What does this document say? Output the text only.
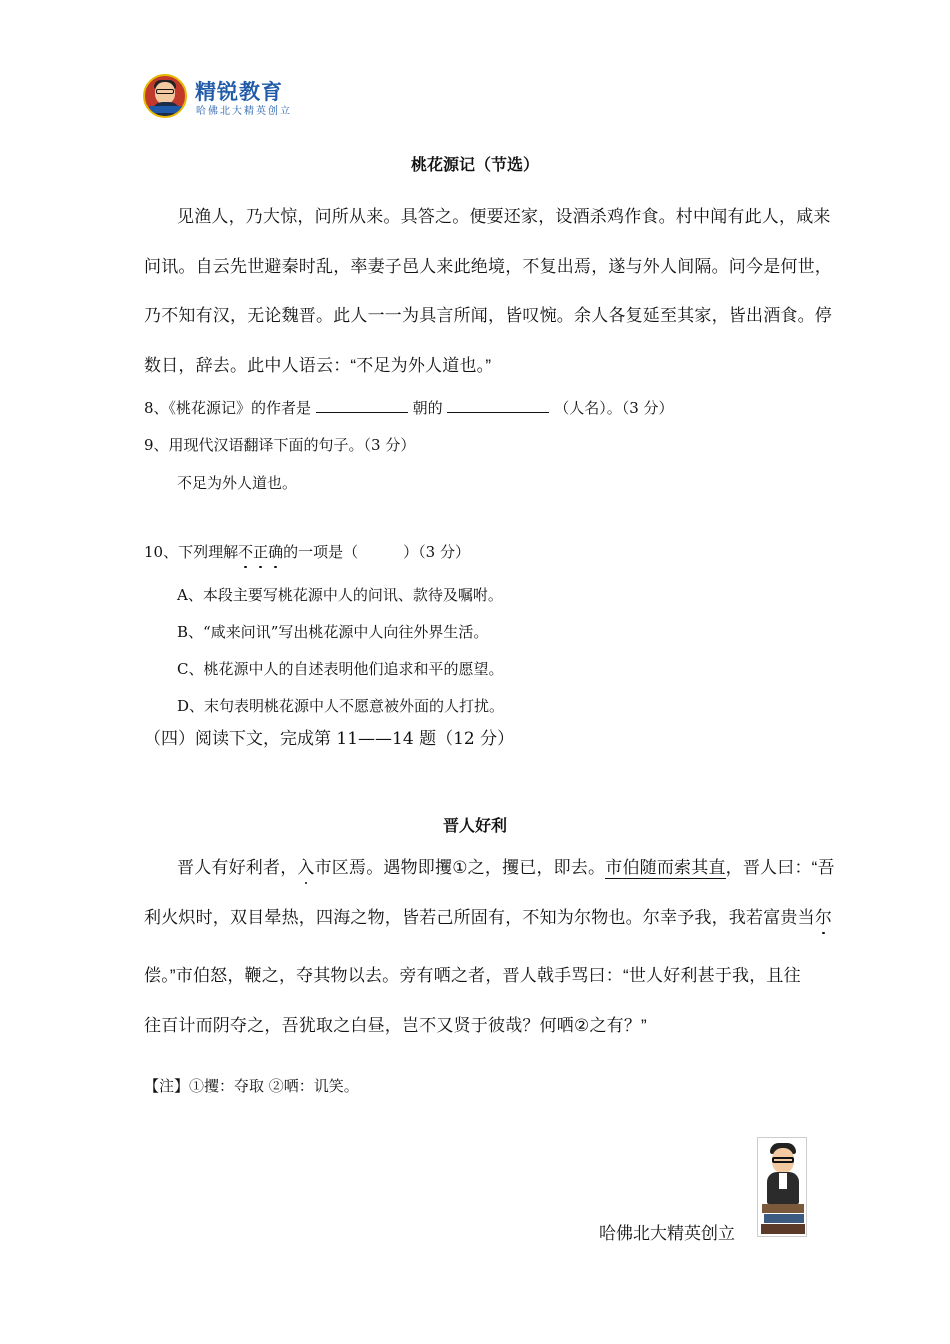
精锐教育
哈佛北大精英创立
桃花源记（节选）
见渔人，乃大惊，问所从来。具答之。便要还家，设酒杀鸡作食。村中闻有此人，咸来
问讯。自云先世避秦时乱，率妻子邑人来此绝境，不复出焉，遂与外人间隔。问今是何世，
乃不知有汉，无论魏晋。此人一一为具言所闻，皆叹惋。余人各复延至其家，皆出酒食。停
数日，辞去。此中人语云：“不足为外人道也。”
8、《桃花源记》的作者是	朝的	（人名）。（3 分）
9、用现代汉语翻译下面的句子。（3 分）
不足为外人道也。
10、下列理解不正确的一项是（　　　）（3 分）
A、本段主要写桃花源中人的问讯、款待及嘱咐。
B、“咸来问讯”写出桃花源中人向往外界生活。
C、桃花源中人的自述表明他们追求和平的愿望。
D、末句表明桃花源中人不愿意被外面的人打扰。
（四）阅读下文，完成第 11——14 题（12 分）
晋人好利
晋人有好利者，入市区焉。遇物即攫①之，攫已，即去。市伯随而索其直，晋人曰：“吾
利火炽时，双目晕热，四海之物，皆若己所固有，不知为尔物也。尔幸予我，我若富贵当尔
偿。”市伯怒，鞭之，夺其物以去。旁有哂之者，晋人戟手骂曰：“世人好利甚于我，且往
往百计而阴夺之，吾犹取之白昼，岂不又贤于彼哉？何哂②之有？”
【注】①攫：夺取 ②哂：讥笑。
哈佛北大精英创立
